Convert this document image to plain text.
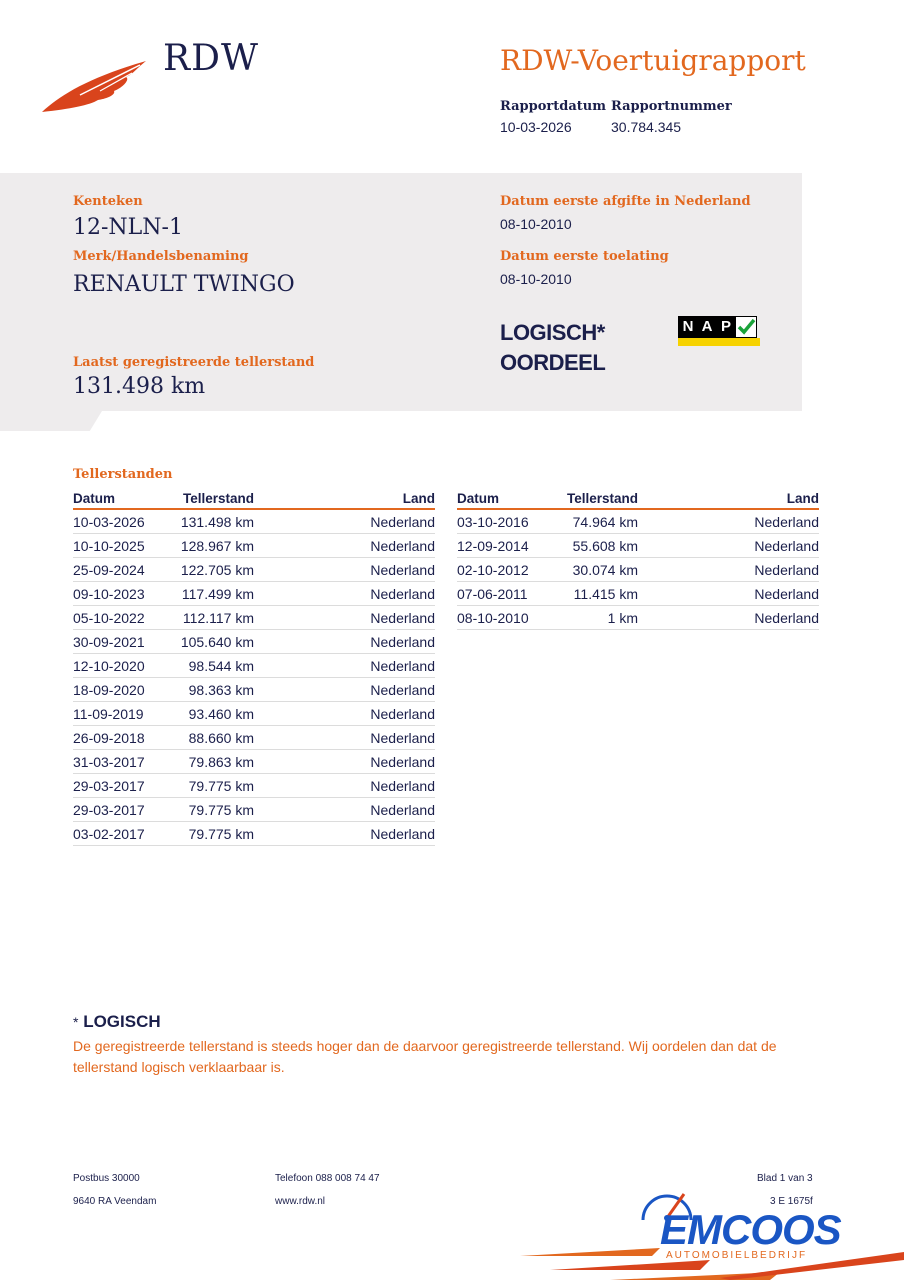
RDW	RDW-Voertuigrapport
Rapportdatum
10-03-2026
Rapportnummer
30.784.345
Kenteken
12-NLN-1
Merk/Handelsbenaming
RENAULT TWINGO
Laatst geregistreerde tellerstand
131.498 km
Datum eerste afgifte in Nederland
08-10-2010
Datum eerste toelating
08-10-2010
LOGISCH*
OORDEEL
N A P
Tellerstanden
Datum	Tellerstand	Land
10-03-2026	131.498 km	Nederland
10-10-2025	128.967 km	Nederland
25-09-2024	122.705 km	Nederland
09-10-2023	117.499 km	Nederland
05-10-2022	112.117 km	Nederland
30-09-2021	105.640 km	Nederland
12-10-2020	98.544 km	Nederland
18-09-2020	98.363 km	Nederland
11-09-2019	93.460 km	Nederland
26-09-2018	88.660 km	Nederland
31-03-2017	79.863 km	Nederland
29-03-2017	79.775 km	Nederland
29-03-2017	79.775 km	Nederland
03-02-2017	79.775 km	Nederland
Datum	Tellerstand	Land
03-10-2016	74.964 km	Nederland
12-09-2014	55.608 km	Nederland
02-10-2012	30.074 km	Nederland
07-06-2011	11.415 km	Nederland
08-10-2010	1 km	Nederland
* LOGISCH
De geregistreerde tellerstand is steeds hoger dan de daarvoor geregistreerde tellerstand. Wij oordelen dan dat de tellerstand logisch verklaarbaar is.
Postbus 30000
9640 RA Veendam
Telefoon 088 008 74 47
www.rdw.nl
Blad 1 van 3
3 E 1675f
EMCOOS
AUTOMOBIELBEDRIJF
